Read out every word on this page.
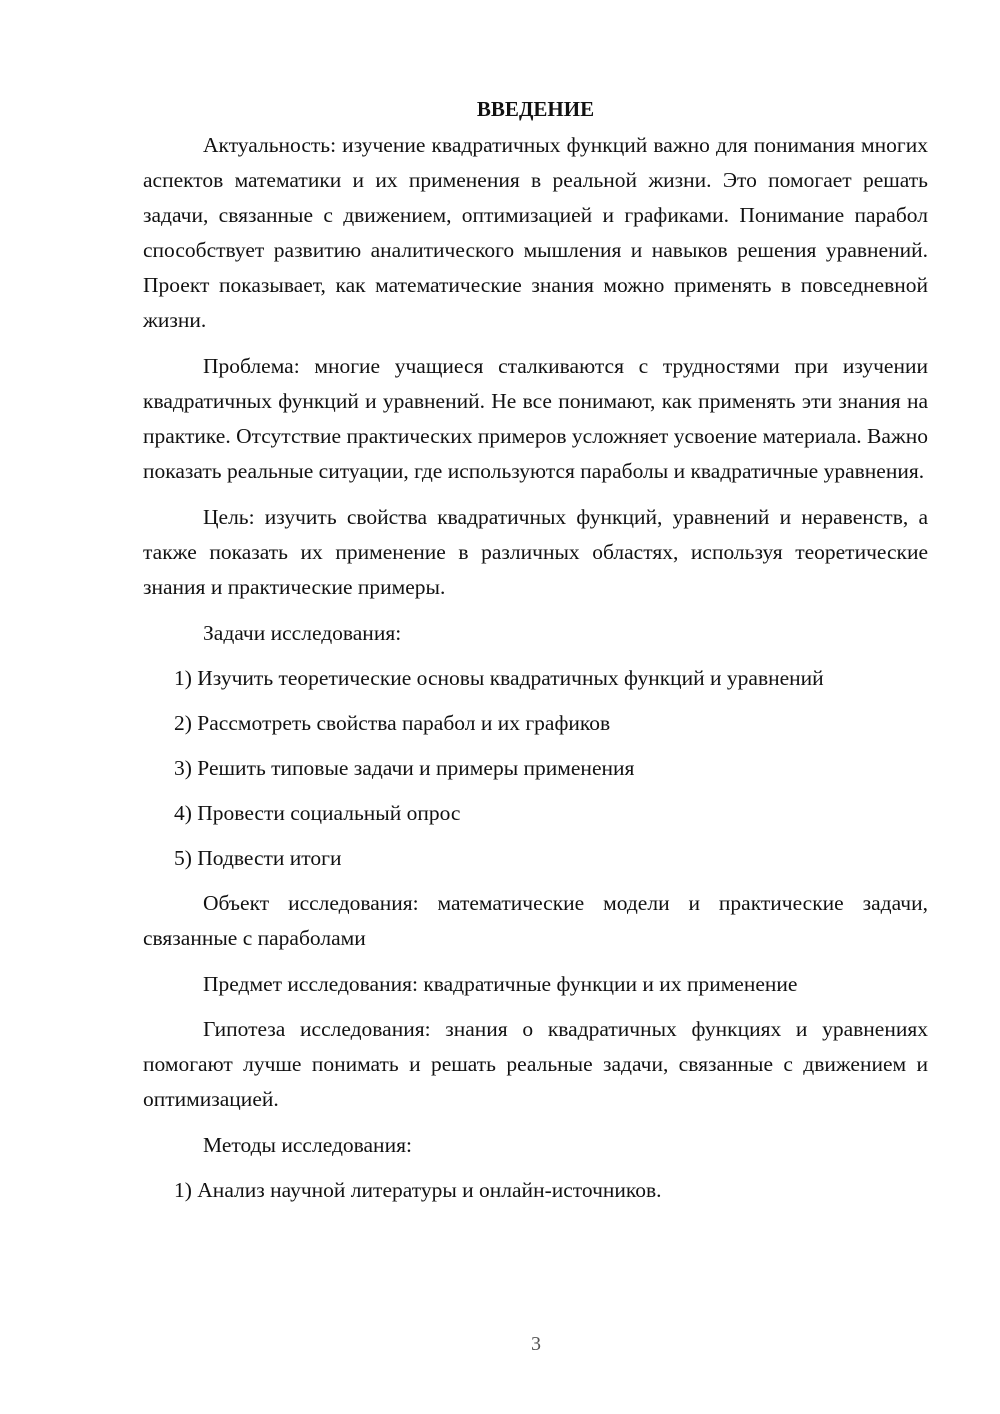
ВВЕДЕНИЕ

Актуальность: изучение квадратичных функций важно для понимания многих аспектов математики и их применения в реальной жизни. Это помогает решать задачи, связанные с движением, оптимизацией и графиками. Понимание парабол способствует развитию аналитического мышления и навыков решения уравнений. Проект показывает, как математические знания можно применять в повседневной жизни.

Проблема: многие учащиеся сталкиваются с трудностями при изучении квадратичных функций и уравнений. Не все понимают, как применять эти знания на практике. Отсутствие практических примеров усложняет усвоение материала. Важно показать реальные ситуации, где используются параболы и квадратичные уравнения.

Цель: изучить свойства квадратичных функций, уравнений и неравенств, а также показать их применение в различных областях, используя теоретические знания и практические примеры.

Задачи исследования:

1) Изучить теоретические основы квадратичных функций и уравнений
2) Рассмотреть свойства парабол и их графиков
3) Решить типовые задачи и примеры применения
4) Провести социальный опрос
5) Подвести итоги

Объект исследования: математические модели и практические задачи, связанные с параболами

Предмет исследования: квадратичные функции и их применение

Гипотеза исследования: знания о квадратичных функциях и уравнениях помогают лучше понимать и решать реальные задачи, связанные с движением и оптимизацией.

Методы исследования:

1) Анализ научной литературы и онлайн-источников.
3
